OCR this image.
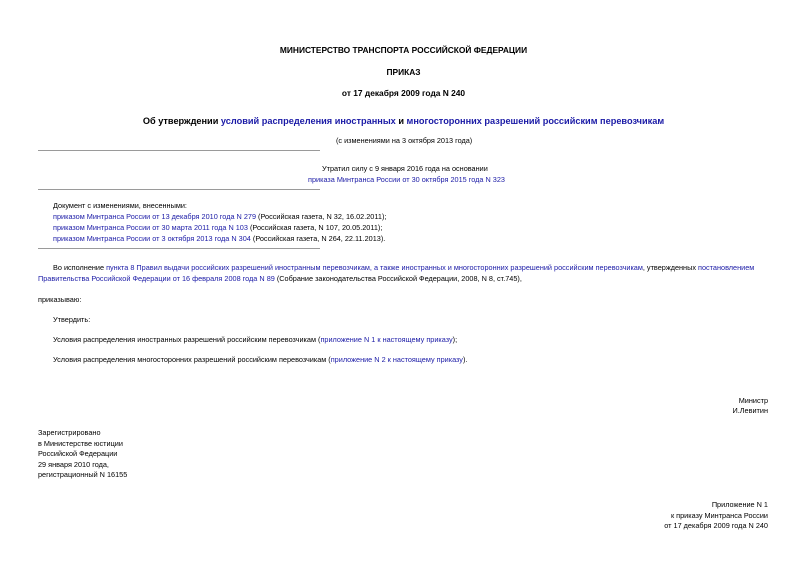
МИНИСТЕРСТВО ТРАНСПОРТА РОССИЙСКОЙ ФЕДЕРАЦИИ
ПРИКАЗ
от 17 декабря 2009 года N 240
Об утверждении условий распределения иностранных и многосторонних разрешений российским перевозчикам
(с изменениями на 3 октября 2013 года)
Утратил силу с 9 января 2016 года на основании
приказа Минтранса России от 30 октября 2015 года N 323
Документ с изменениями, внесенными:
приказом Минтранса России от 13 декабря 2010 года N 279 (Российская газета, N 32, 16.02.2011);
приказом Минтранса России от 30 марта 2011 года N 103 (Российская газета, N 107, 20.05.2011);
приказом Минтранса России от 3 октября 2013 года N 304 (Российская газета, N 264, 22.11.2013).
Во исполнение пункта 8 Правил выдачи российских разрешений иностранным перевозчикам, а также иностранных и многосторонних разрешений российским перевозчикам, утвержденных постановлением
Правительства Российской Федерации от 16 февраля 2008 года N 89 (Собрание законодательства Российской Федерации, 2008, N 8, ст.745),
приказываю:
Утвердить:
Условия распределения иностранных разрешений российским перевозчикам (приложение N 1 к настоящему приказу);
Условия распределения многосторонних разрешений российским перевозчикам (приложение N 2 к настоящему приказу).
Министр
И.Левитин
Зарегистрировано
в Министерстве юстиции
Российской Федерации
29 января 2010 года,
регистрационный N 16155
Приложение N 1
к приказу Минтранса России
от 17 декабря 2009 года N 240
